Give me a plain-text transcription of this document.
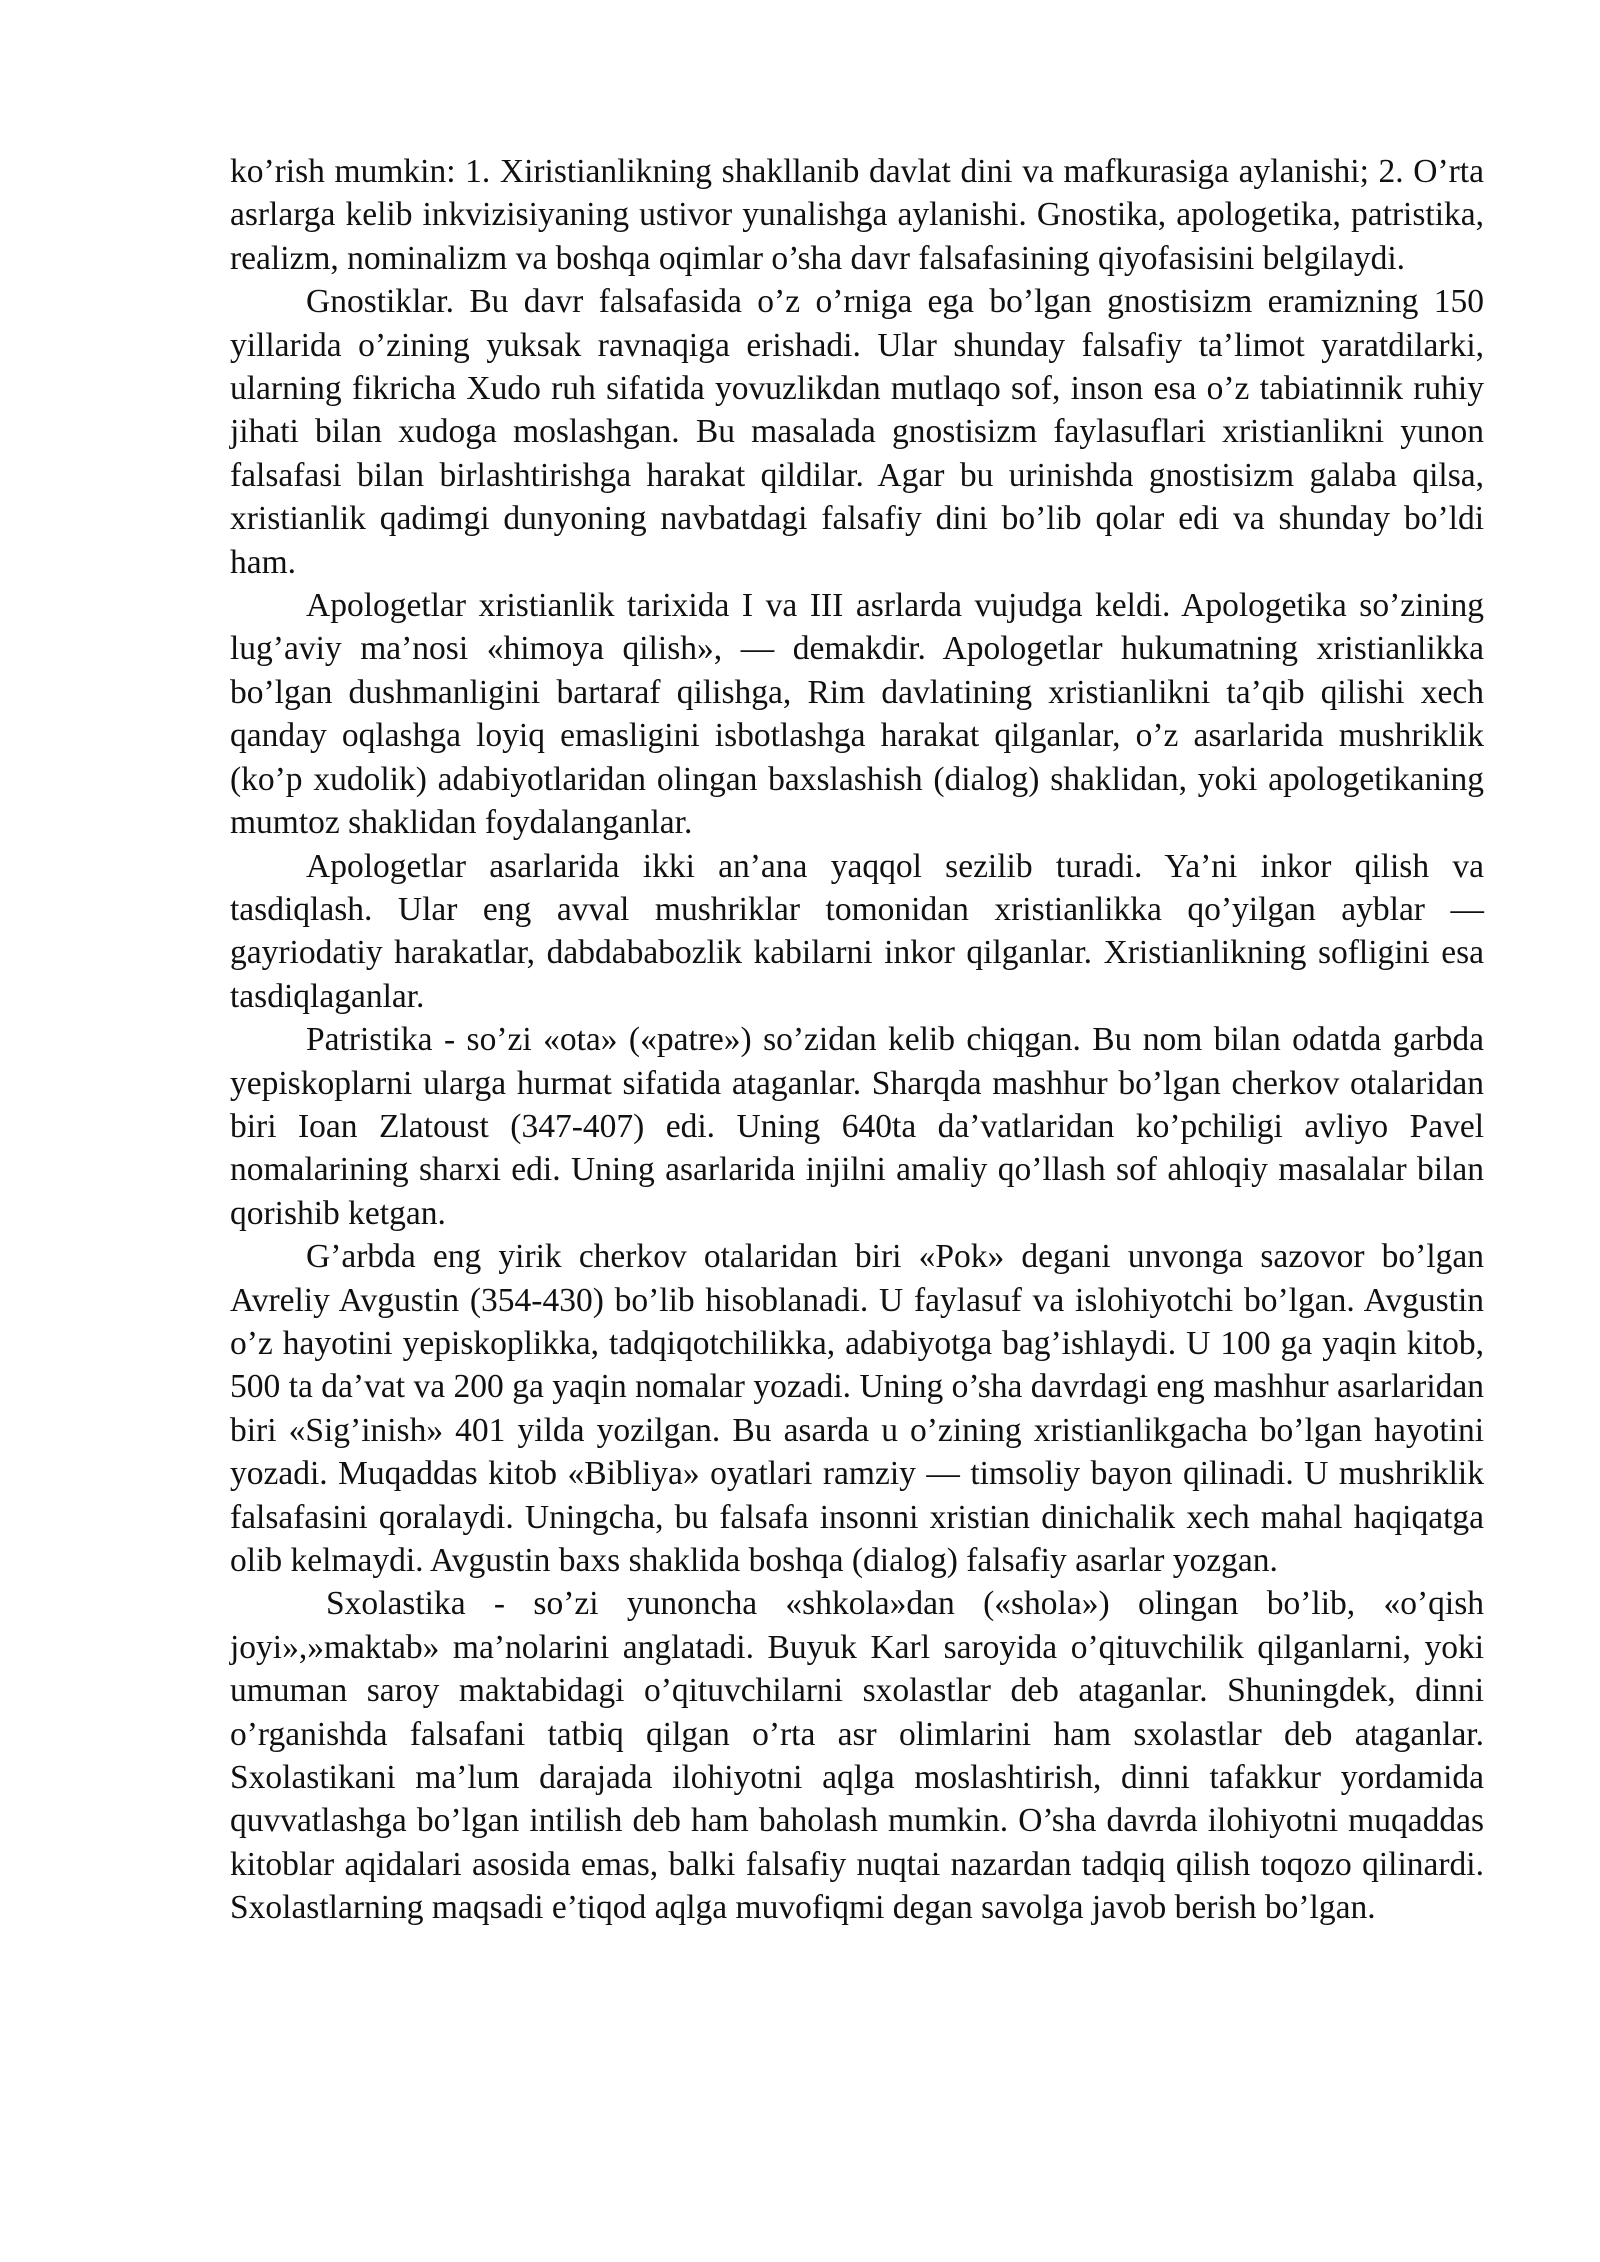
ko’rish mumkin: 1. Xiristianlikning shakllanib davlat dini va mafkurasiga aylanishi; 2. O’rta asrlarga kelib inkvizisiyaning ustivor yunalishga aylanishi. Gnostika, apologetika, patristika, realizm, nominalizm va boshqa oqimlar o’sha davr falsafasining qiyofasisini belgilaydi.

Gnostiklar. Bu davr falsafasida o’z o’rniga ega bo’lgan gnostisizm eramizning 150 yillarida o’zining yuksak ravnaqiga erishadi. Ular shunday falsafiy ta’limot yaratdilarki, ularning fikricha Xudo ruh sifatida yovuzlikdan mutlaqo sof, inson esa o’z tabiatinnik ruhiy jihati bilan xudoga moslashgan. Bu masalada gnostisizm faylasuflari xristianlikni yunon falsafasi bilan birlashtirishga harakat qildilar. Agar bu urinishda gnostisizm galaba qilsa, xristianlik qadimgi dunyoning navbatdagi falsafiy dini bo’lib qolar edi va shunday bo’ldi ham.

Apologetlar xristianlik tarixida I va III asrlarda vujudga keldi. Apologetika so’zining lug’aviy ma’nosi «himoya qilish», — demakdir. Apologetlar hukumatning xristianlikka bo’lgan dushmanligini bartaraf qilishga, Rim davlatining xristianlikni ta’qib qilishi xech qanday oqlashga loyiq emasligini isbotlashga harakat qilganlar, o’z asarlarida mushriklik (ko’p xudolik) adabiyotlaridan olingan baxslashish (dialog) shaklidan, yoki apologetikaning mumtoz shaklidan foydalanganlar.

Apologetlar asarlarida ikki an’ana yaqqol sezilib turadi. Ya’ni inkor qilish va tasdiqlash. Ular eng avval mushriklar tomonidan xristianlikka qo’yilgan ayblar — gayriodatiy harakatlar, dabdababozlik kabilarni inkor qilganlar. Xristianlikning sofligini esa tasdiqlaganlar.

Patristika - so’zi «ota» («patre») so’zidan kelib chiqgan. Bu nom bilan odatda garbda yepiskoplarni ularga hurmat sifatida ataganlar. Sharqda mashhur bo’lgan cherkov otalaridan biri Ioan Zlatoust (347-407) edi. Uning 640ta da’vatlaridan ko’pchiligi avliyo Pavel nomalarining sharxi edi. Uning asarlarida injilni amaliy qo’llash sof ahloqiy masalalar bilan qorishib ketgan.

G’arbda eng yirik cherkov otalaridan biri «Pok» degani unvonga sazovor bo’lgan Avreliy Avgustin (354-430) bo’lib hisoblanadi. U faylasuf va islohiyotchi bo’lgan. Avgustin o’z hayotini yepiskoplikka, tadqiqotchilikka, adabiyotga bag’ishlaydi. U 100 ga yaqin kitob, 500 ta da’vat va 200 ga yaqin nomalar yozadi. Uning o’sha davrdagi eng mashhur asarlaridan biri «Sig’inish» 401 yilda yozilgan. Bu asarda u o’zining xristianlikgacha bo’lgan hayotini yozadi. Muqaddas kitob «Bibliya» oyatlari ramziy — timsoliy bayon qilinadi. U mushriklik falsafasini qoralaydi. Uningcha, bu falsafa insonni xristian dinichalik xech mahal haqiqatga olib kelmaydi. Avgustin baxs shaklida boshqa (dialog) falsafiy asarlar yozgan.

Sxolastika - so’zi yunoncha «shkola»dan («shola») olingan bo’lib, «o’qish joyi»,»maktab» ma’nolarini anglatadi. Buyuk Karl saroyida o’qituvchilik qilganlarni, yoki umuman saroy maktabidagi o’qituvchilarni sxolastlar deb ataganlar. Shuningdek, dinni o’rganishda falsafani tatbiq qilgan o’rta asr olimlarini ham sxolastlar deb ataganlar. Sxolastikani ma’lum darajada ilohiyotni aqlga moslashtirish, dinni tafakkur yordamida quvvatlashga bo’lgan intilish deb ham baholash mumkin. O’sha davrda ilohiyotni muqaddas kitoblar aqidalari asosida emas, balki falsafiy nuqtai nazardan tadqiq qilish toqozo qilinardi. Sxolastlarning maqsadi e’tiqod aqlga muvofiqmi degan savolga javob berish bo’lgan.
